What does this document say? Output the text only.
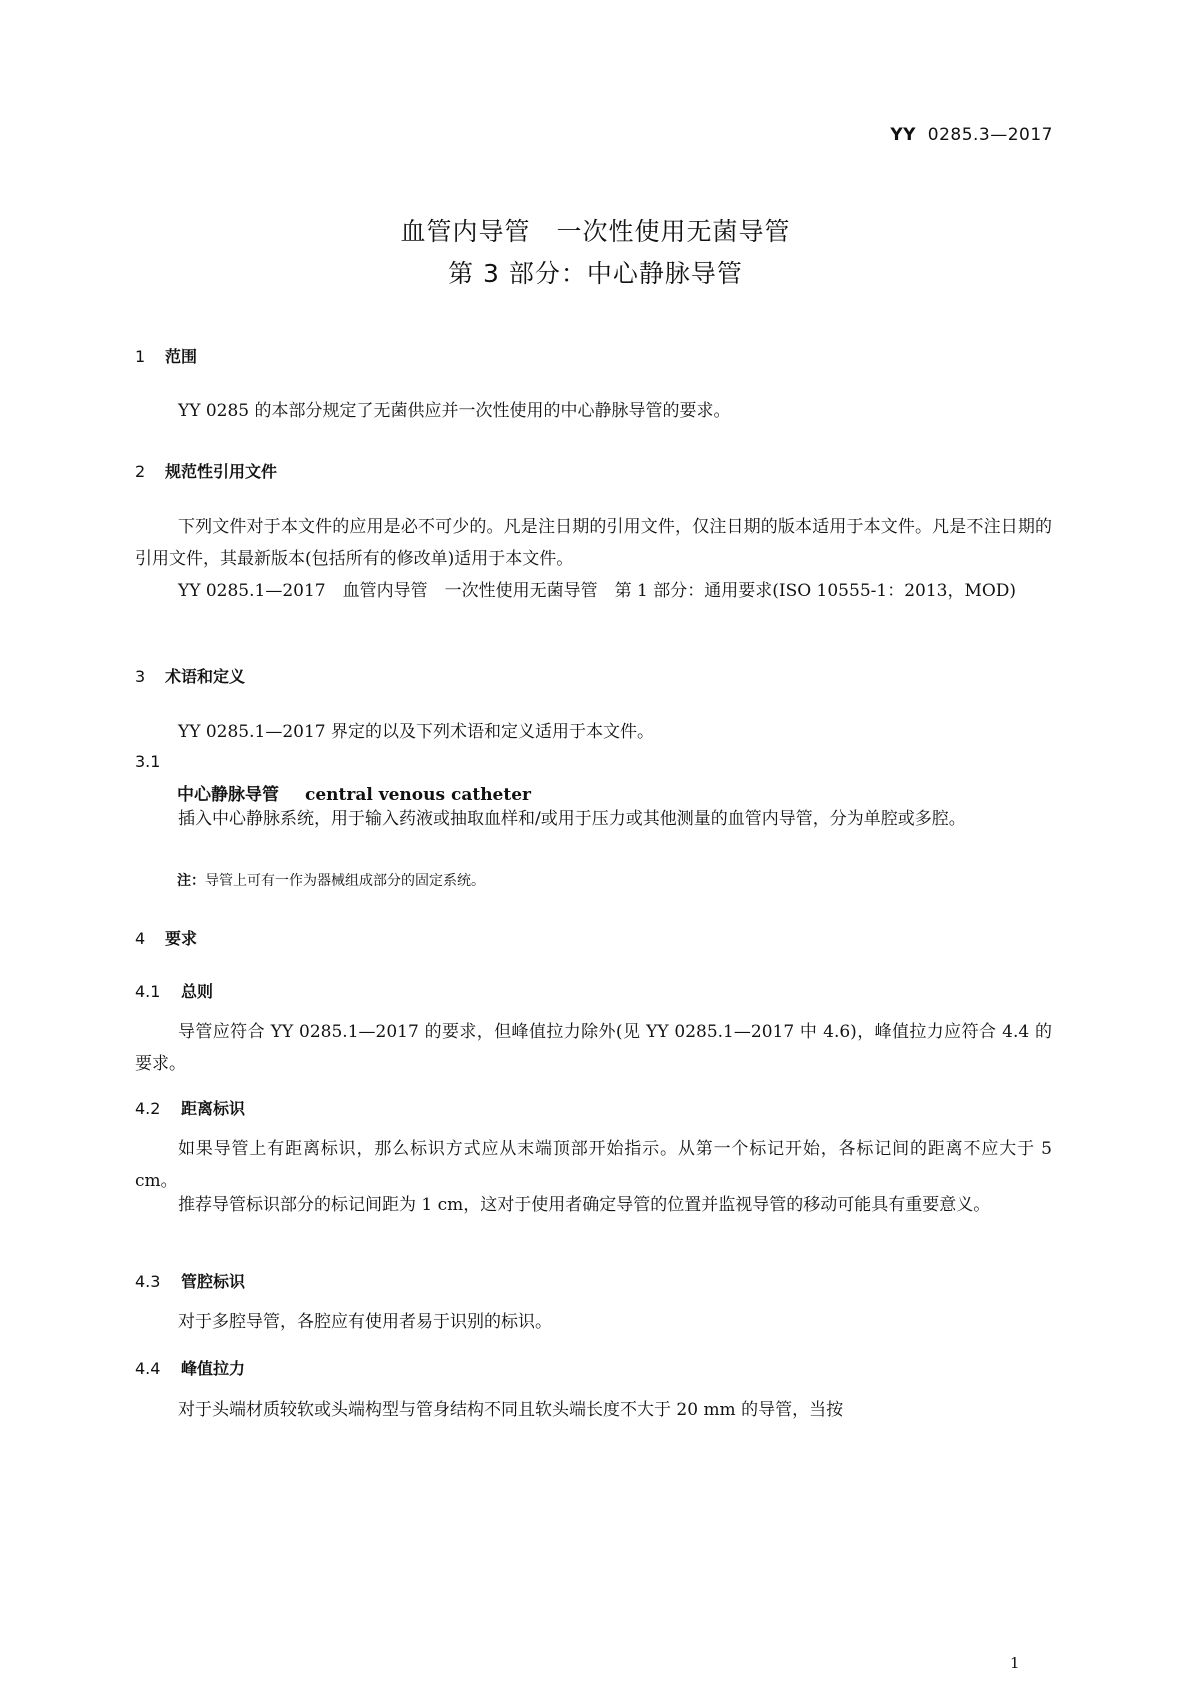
YY 0285.3—2017
血管内导管　一次性使用无菌导管
第 3 部分：中心静脉导管
1 范围
YY 0285 的本部分规定了无菌供应并一次性使用的中心静脉导管的要求。
2 规范性引用文件
下列文件对于本文件的应用是必不可少的。凡是注日期的引用文件，仅注日期的版本适用于本文件。凡是不注日期的引用文件，其最新版本(包括所有的修改单)适用于本文件。
YY 0285.1—2017　血管内导管　一次性使用无菌导管　第 1 部分：通用要求(ISO 10555-1：2013，MOD)
3 术语和定义
YY 0285.1—2017 界定的以及下列术语和定义适用于本文件。
3.1
中心静脉导管 central venous catheter
插入中心静脉系统，用于输入药液或抽取血样和/或用于压力或其他测量的血管内导管，分为单腔或多腔。
注：导管上可有一作为器械组成部分的固定系统。
4 要求
4.1 总则
导管应符合 YY 0285.1—2017 的要求，但峰值拉力除外(见 YY 0285.1—2017 中 4.6)，峰值拉力应符合 4.4 的要求。
4.2 距离标识
如果导管上有距离标识，那么标识方式应从末端顶部开始指示。从第一个标记开始，各标记间的距离不应大于 5 cm。
推荐导管标识部分的标记间距为 1 cm，这对于使用者确定导管的位置并监视导管的移动可能具有重要意义。
4.3 管腔标识
对于多腔导管，各腔应有使用者易于识别的标识。
4.4 峰值拉力
对于头端材质较软或头端构型与管身结构不同且软头端长度不大于 20 mm 的导管，当按
1
